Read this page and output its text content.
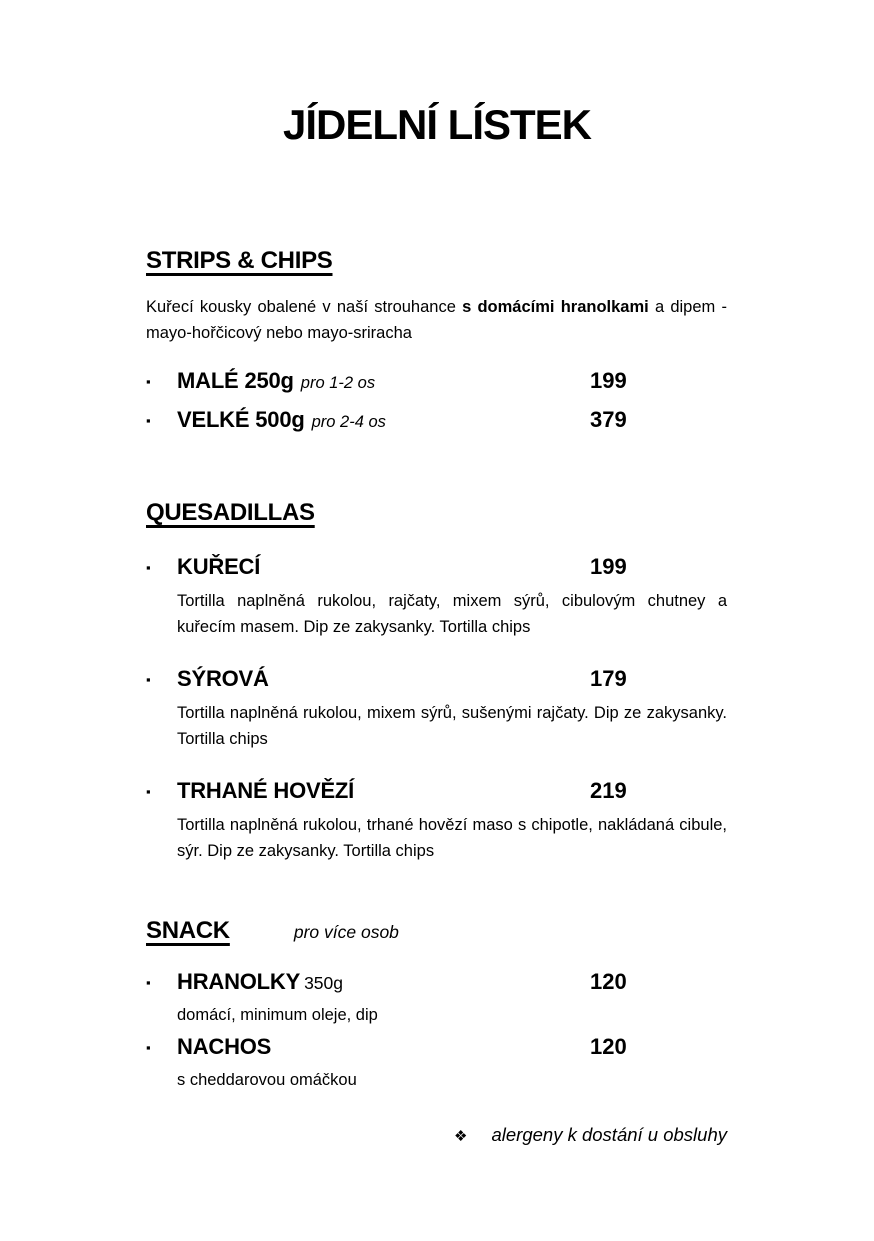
JÍDELNÍ LÍSTEK
STRIPS & CHIPS

Kuřecí kousky obalené v naší strouhance s domácími hranolkami a dipem - mayo-hořčicový nebo mayo-sriracha

▪	MALÉ 250g pro 1-2 os	199
▪	VELKÉ 500g pro 2-4 os	379
QUESADILLAS
▪	KUŘECÍ	199

Tortilla naplněná rukolou, rajčaty, mixem sýrů, cibulovým chutney a kuřecím masem. Dip ze zakysanky. Tortilla chips

▪	SÝROVÁ	179

Tortilla naplněná rukolou, mixem sýrů, sušenými rajčaty. Dip ze zakysanky. Tortilla chips

▪	TRHANÉ HOVĚZÍ	219

Tortilla naplněná rukolou, trhané hovězí maso s chipotle, nakládaná cibule, sýr. Dip ze zakysanky. Tortilla chips

SNACK	pro více osob
▪	HRANOLKY 350g	120

domácí, minimum oleje, dip

▪	NACHOS	120

s cheddarovou omáčkou

❖ alergeny k dostání u obsluhy
